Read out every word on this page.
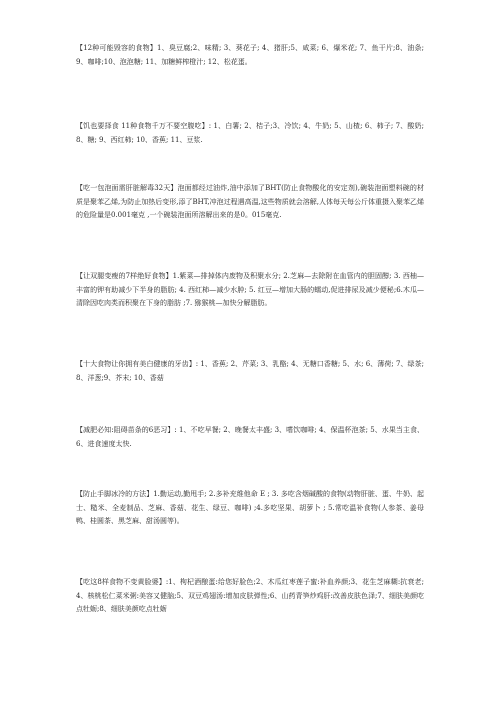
【12种可能毁容的食物】1、臭豆腐;2、味精; 3、葵花子; 4、猪肝;5、咸菜; 6、爆米花; 7、鱼干片;8、油条;9、咖啡;10、泡泡糖; 11、加糖鲜榨橙汁; 12、松花蛋。

【饥也要择食 11种食物千万不要空腹吃】: 1、白薯; 2、桔子;3、冷饮; 4、牛奶; 5、山楂; 6、柿子; 7、酸奶;8、糖; 9、西红柿; 10、香蕉; 11、豆浆.

【吃一包泡面需肝脏解毒32天】泡面都经过油炸,油中添加了BHT(防止食物酸化的安定剂),碗装泡面塑料碗的材质是聚苯乙烯,为防止加热后变形,添了BHT,冲泡过程遇高温,这些物质就会溶解,人体每天每公斤体重摄入聚苯乙烯的危险量是0.001毫克 ,一个碗装泡面所溶解出来的是0。015毫克.

【让双腿变瘦的7样绝好食物】1.紫菜—排掉体内废物及积聚水分; 2.芝麻—去除附在血管内的胆固醇; 3. 西柚—丰富的钾有助减少下半身的脂肪; 4. 西红柿—减少水肿; 5. 红豆—增加大肠的蠕动,促进排尿及减少便秘;6.木瓜—清除因吃肉类而积聚在下身的脂肪 ;7. 猕猴桃—加快分解脂肪。

【十大食物让你拥有美白健康的牙齿】: 1、香蕉; 2、芹菜; 3、乳酪; 4、无糖口香糖; 5、水; 6、薄荷; 7、绿茶; 8、洋葱;9、芥末; 10、香菇

【减肥必知:阻碍苗条的6恶习】: 1、不吃早餐; 2、晚餐太丰盛; 3、嗜饮咖啡; 4、保温杯泡茶; 5、水果当主食、6、进食速度太快.

【防止手脚冰冷的方法】1.勤运动,勤甩手; 2.多补充维他命 E ; 3. 多吃含烟碱酸的食物(动物肝脏、蛋、牛奶、起士、糙米、全麦制品、芝麻、香菇、花生、绿豆、咖啡) ;4.多吃坚果、胡萝卜 ; 5.常吃温补食物(人参茶、姜母鸭、桂圆茶、黑芝麻、甜汤圆等)。

【吃这8样食物不变黄脸婆】:1、枸杞酒酿蛋:给您好脸色;2、木瓜红枣莲子蜜:补血养颜;3、花生芝麻糊:抗衰老;4、核桃松仁菜米粥:美容又健脑;5、双豆鸡翅汤:增加皮肤弹性;6、山药青笋炒鸡肝:改善皮肤色泽;7、细肤美颜吃点牡蛎;8、细肤美颜吃点牡蛎
